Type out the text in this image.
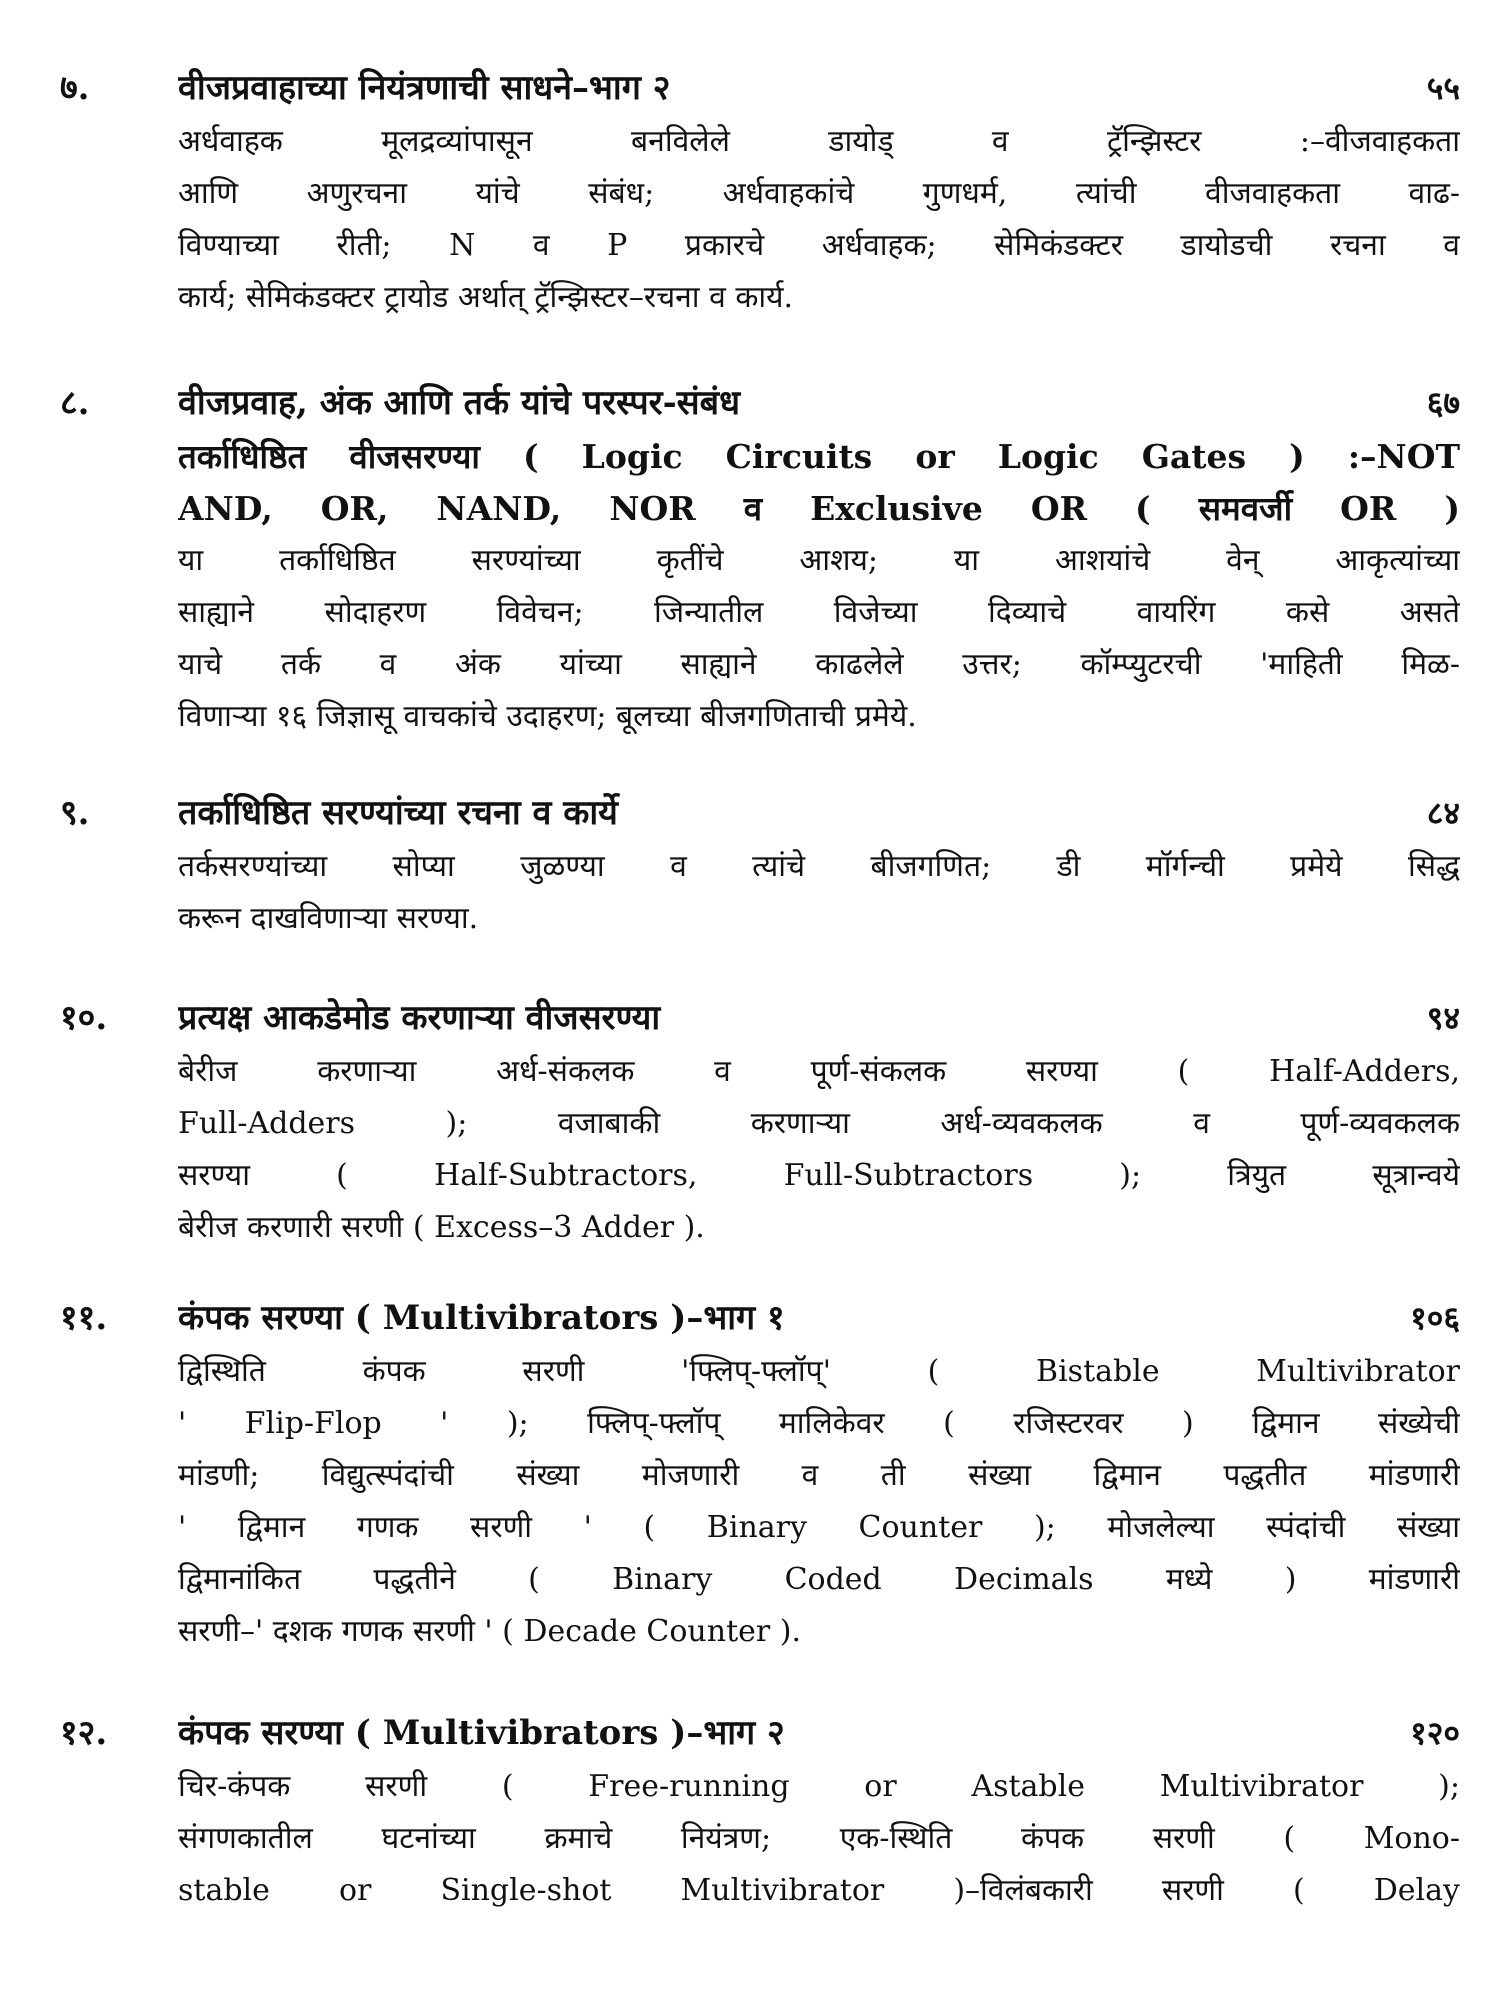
७.	वीजप्रवाहाच्या नियंत्रणाची साधने–भाग २	५५
अर्धवाहक मूलद्रव्यांपासून बनविलेले डायोड् व ट्रॅन्झिस्टर :–वीजवाहकता
आणि अणुरचना यांचे संबंध; अर्धवाहकांचे गुणधर्म, त्यांची वीजवाहकता वाढ-
विण्याच्या रीती; N व P प्रकारचे अर्धवाहक; सेमिकंडक्टर डायोडची रचना व
कार्य; सेमिकंडक्टर ट्रायोड अर्थात् ट्रॅन्झिस्टर–रचना व कार्य.
८.	वीजप्रवाह, अंक आणि तर्क यांचे परस्पर-संबंध	६७
तर्काधिष्ठित वीजसरण्या ( Logic Circuits or Logic Gates ) :–NOT
AND, OR, NAND, NOR व Exclusive OR ( समवर्जी OR )
या तर्काधिष्ठित सरण्यांच्या कृतींचे आशय; या आशयांचे वेन् आकृत्यांच्या
साह्याने सोदाहरण विवेचन; जिन्यातील विजेच्या दिव्याचे वायरिंग कसे असते
याचे तर्क व अंक यांच्या साह्याने काढलेले उत्तर; कॉम्प्युटरची 'माहिती मिळ-
विणाऱ्या १६ जिज्ञासू वाचकांचे उदाहरण; बूलच्या बीजगणिताची प्रमेये.
९.	तर्काधिष्ठित सरण्यांच्या रचना व कार्ये	८४
तर्कसरण्यांच्या सोप्या जुळण्या व त्यांचे बीजगणित; डी मॉर्गन्ची प्रमेये सिद्ध
करून दाखविणाऱ्या सरण्या.
१०.	प्रत्यक्ष आकडेमोड करणाऱ्या वीजसरण्या	९४
बेरीज करणाऱ्या अर्ध-संकलक व पूर्ण-संकलक सरण्या ( Half-Adders,
Full-Adders ); वजाबाकी करणाऱ्या अर्ध-व्यवकलक व पूर्ण-व्यवकलक
सरण्या ( Half-Subtractors, Full-Subtractors ); त्रियुत सूत्रान्वये
बेरीज करणारी सरणी ( Excess–3 Adder ).
११.	कंपक सरण्या ( Multivibrators )–भाग १	१०६
द्विस्थिति कंपक सरणी 'फ्लिप्-फ्लॉप्' ( Bistable Multivibrator
' Flip-Flop ' ); फ्लिप्-फ्लॉप् मालिकेवर ( रजिस्टरवर ) द्विमान संख्येची
मांडणी; विद्युत्स्पंदांची संख्या मोजणारी व ती संख्या द्विमान पद्धतीत मांडणारी
' द्विमान गणक सरणी ' ( Binary Counter ); मोजलेल्या स्पंदांची संख्या
द्विमानांकित पद्धतीने ( Binary Coded Decimals मध्ये ) मांडणारी
सरणी–' दशक गणक सरणी ' ( Decade Counter ).
१२.	कंपक सरण्या ( Multivibrators )–भाग २	१२०
चिर-कंपक सरणी ( Free-running or Astable Multivibrator );
संगणकातील घटनांच्या क्रमाचे नियंत्रण; एक-स्थिति कंपक सरणी ( Mono-
stable or Single-shot Multivibrator )–विलंबकारी सरणी ( Delay
